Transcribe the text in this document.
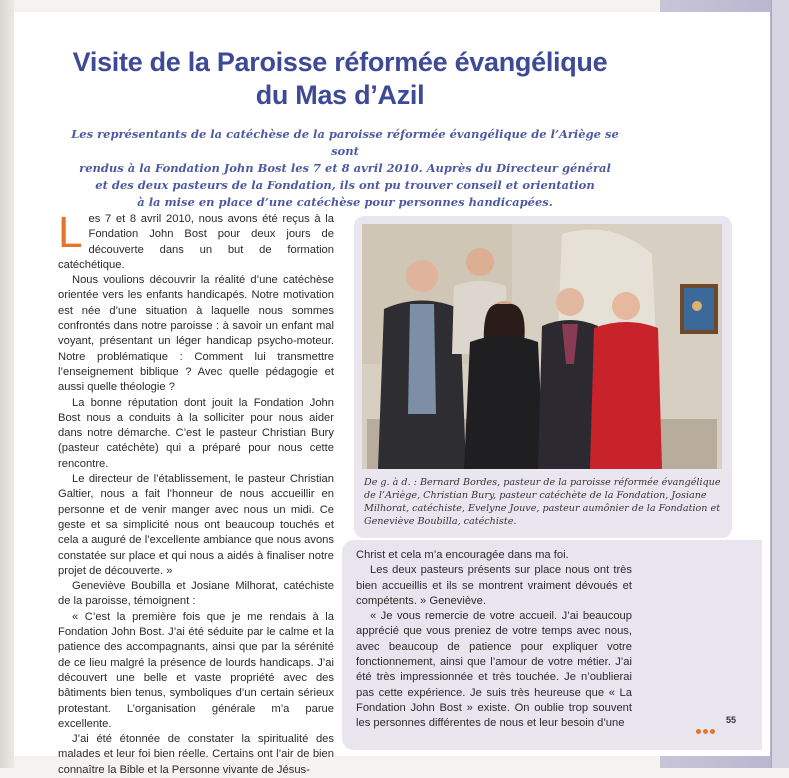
Visite de la Paroisse réformée évangélique
du Mas d’Azil
Les représentants de la catéchèse de la paroisse réformée évangélique de l’Ariège se sont
rendus à la Fondation John Bost les 7 et 8 avril 2010. Auprès du Directeur général
et des deux pasteurs de la Fondation, ils ont pu trouver conseil et orientation
à la mise en place d’une catéchèse pour personnes handicapées.

Les 7 et 8 avril 2010, nous avons été reçus à la Fondation John Bost pour deux jours de découverte dans un but de formation catéchétique.

Nous voulions découvrir la réalité d’une catéchèse orientée vers les enfants handicapés. Notre motivation est née d’une situation à laquelle nous sommes confrontés dans notre paroisse : à savoir un enfant mal voyant, présentant un léger handicap psycho-moteur. Notre problématique : Comment lui transmettre l’enseignement biblique ? Avec quelle pédagogie et aussi quelle théologie ?

La bonne réputation dont jouit la Fondation John Bost nous a conduits à la solliciter pour nous aider dans notre démarche. C’est le pasteur Christian Bury (pasteur catéchète) qui a préparé pour nous cette rencontre.

Le directeur de l’établissement, le pasteur Christian Galtier, nous a fait l’honneur de nous accueillir en personne et de venir manger avec nous un midi. Ce geste et sa simplicité nous ont beaucoup touchés et cela a auguré de l’excellente ambiance que nous avons constatée sur place et qui nous a aidés à finaliser notre projet de découverte. »

Geneviève Boubilla et Josiane Milhorat, catéchiste de la paroisse, témoignent :

« C’est la première fois que je me rendais à la Fondation John Bost. J’ai été séduite par le calme et la patience des accompagnants, ainsi que par la sérénité de ce lieu malgré la présence de lourds handicaps. J’ai découvert une belle et vaste propriété avec des bâtiments bien tenus, symboliques d’un certain sérieux protestant. L’organisation générale m’a parue excellente.

J’ai été étonnée de constater la spiritualité des malades et leur foi bien réelle. Certains ont l’air de bien connaître la Bible et la Personne vivante de Jésus-

De g. à d. : Bernard Bordes, pasteur de la paroisse réformée évangélique de l’Ariège, Christian Bury, pasteur catéchète de la Fondation, Josiane Milhorat, catéchiste, Evelyne Jouve, pasteur aumônier de la Fondation et Geneviève Boubilla, catéchiste.

Christ et cela m’a encouragée dans ma foi.

Les deux pasteurs présents sur place nous ont très bien accueillis et ils se montrent vraiment dévoués et compétents. » Geneviève.

« Je vous remercie de votre accueil. J’ai beaucoup apprécié que vous preniez de votre temps avec nous, avec beaucoup de patience pour expliquer votre fonctionnement, ainsi que l’amour de votre métier. J’ai été très impressionnée et très touchée. Je n’oublierai pas cette expérience. Je suis très heureuse que « La Fondation John Bost » existe. On oublie trop souvent les personnes différentes de nous et leur besoin d’une	55
